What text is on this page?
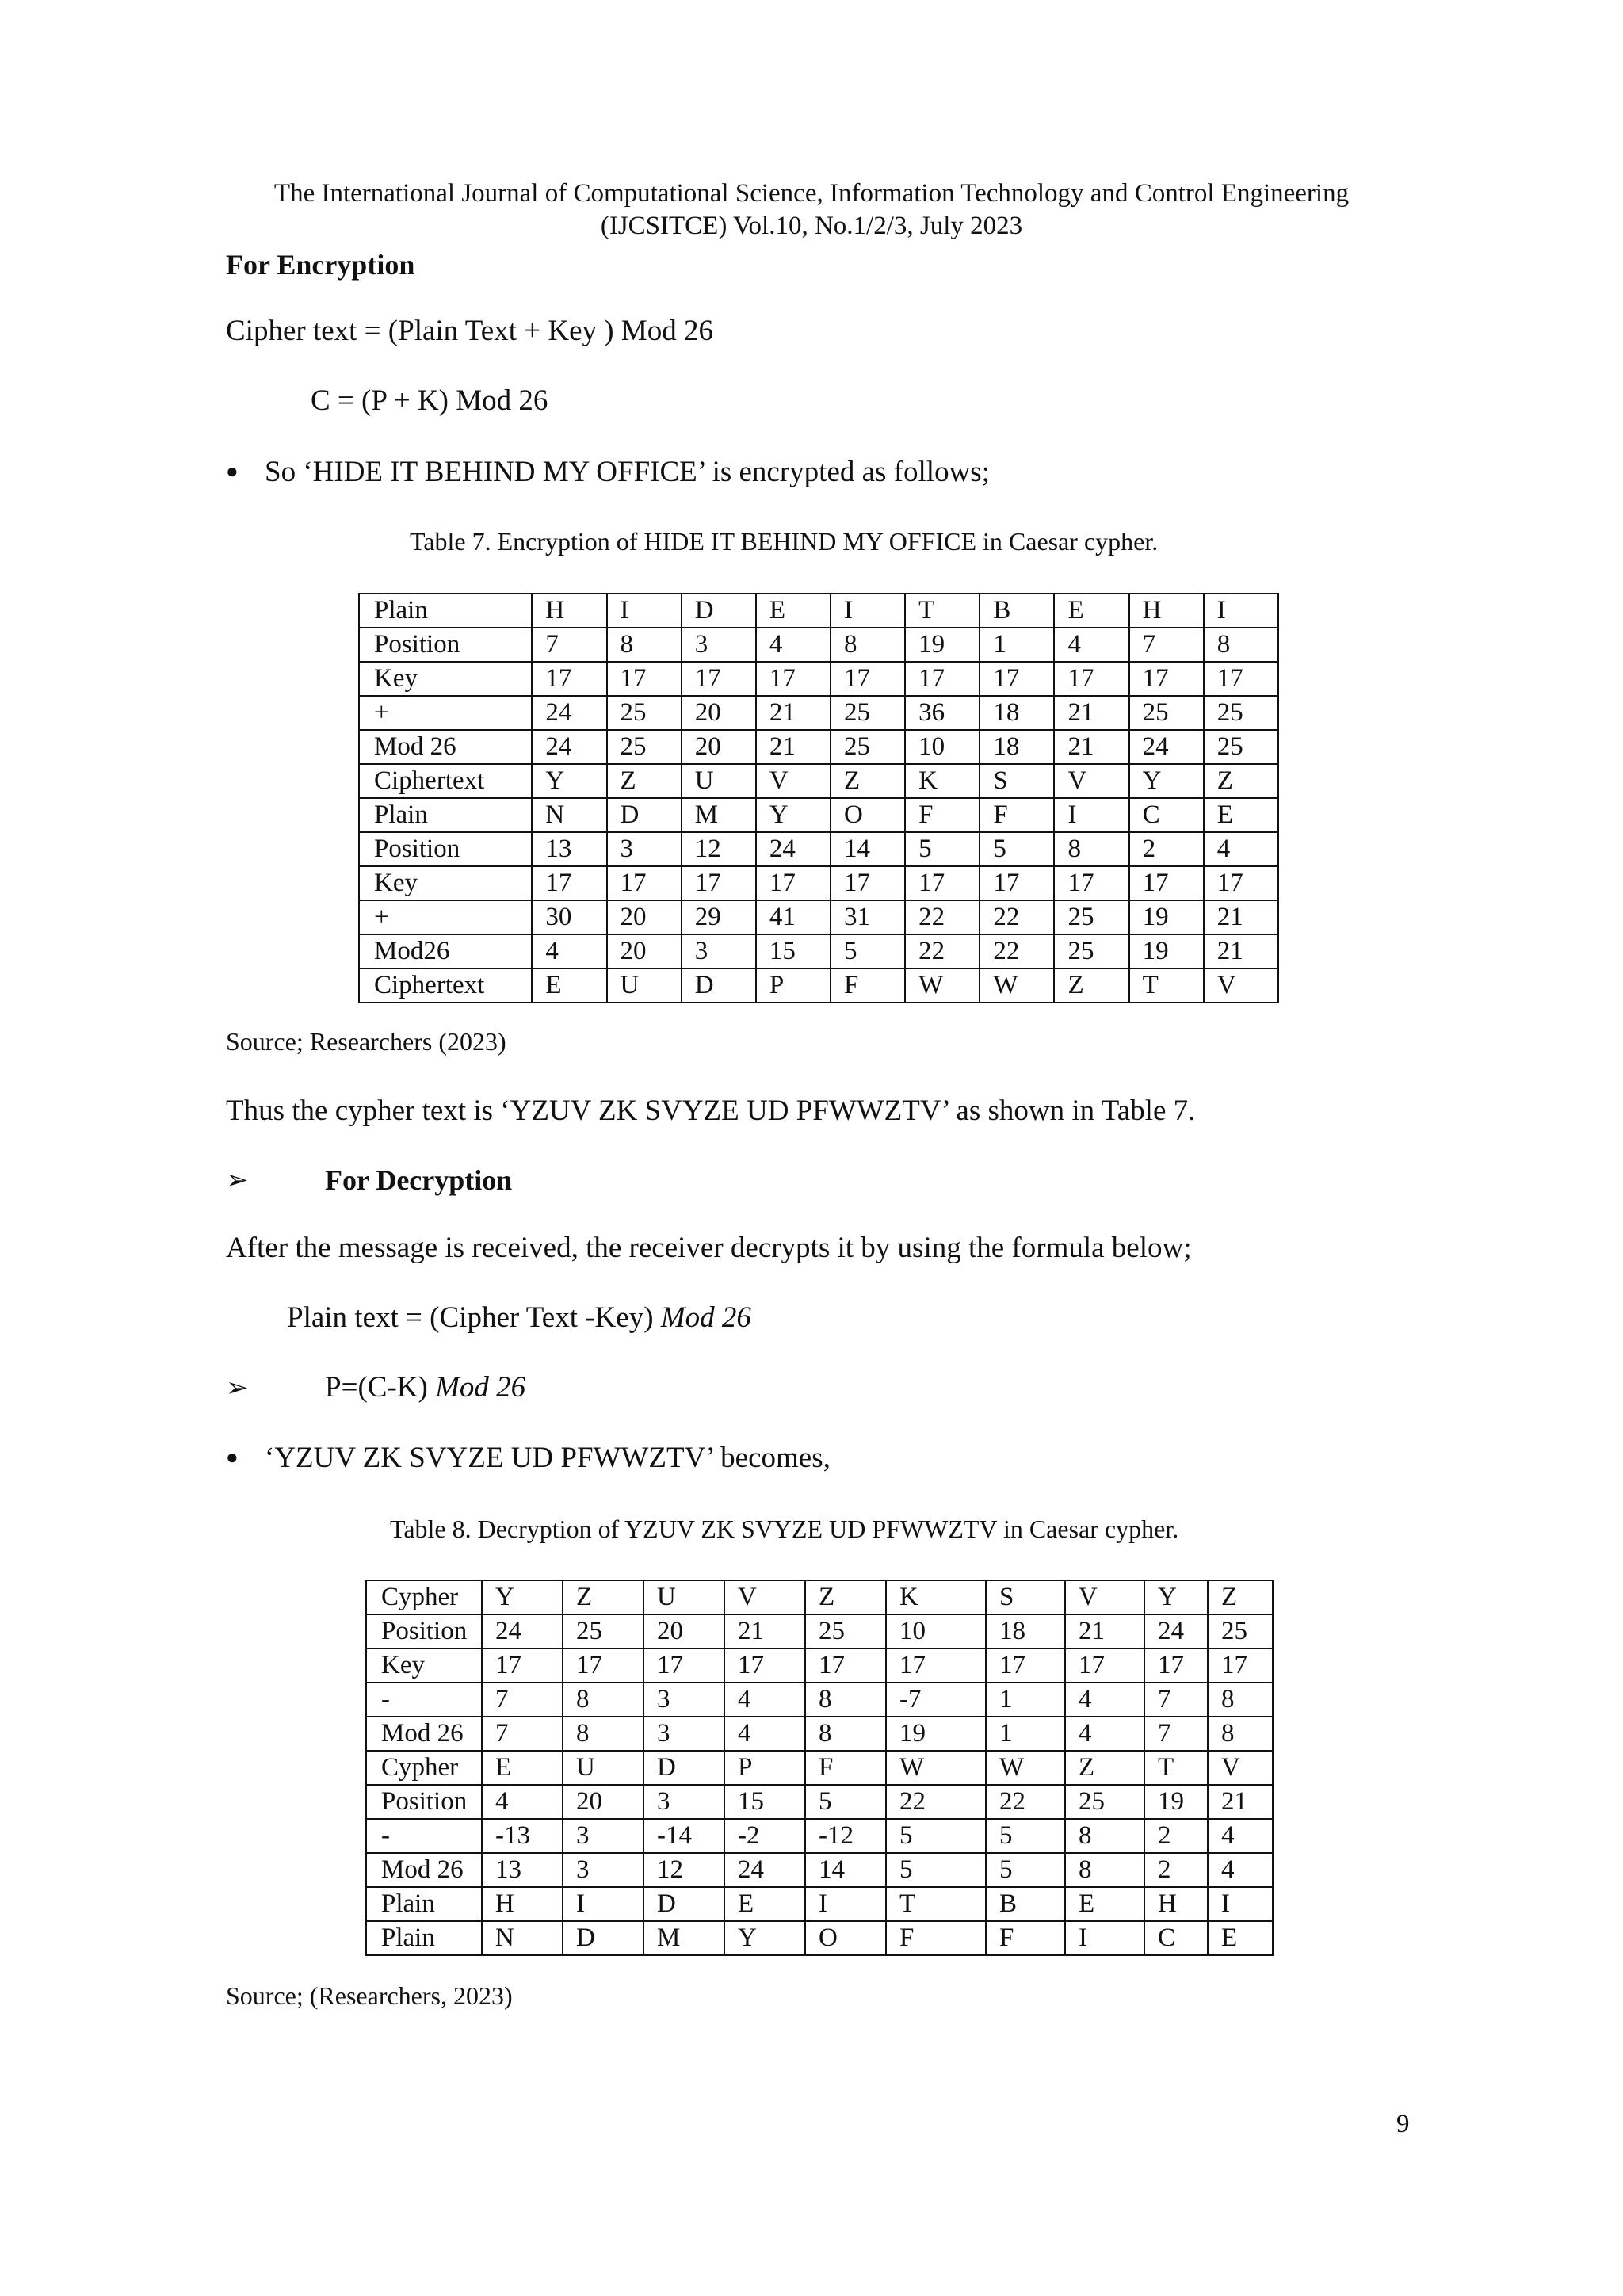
The International Journal of Computational Science, Information Technology and Control Engineering
(IJCSITCE) Vol.10, No.1/2/3, July 2023
For Encryption
Cipher text = (Plain Text + Key ) Mod 26
C = (P + K) Mod 26
● So ‘HIDE IT BEHIND MY OFFICE’ is encrypted as follows;
Table 7. Encryption of HIDE IT BEHIND MY OFFICE in Caesar cypher.
Plain	H	I	D	E	I	T	B	E	H	I
Position	7	8	3	4	8	19	1	4	7	8
Key	17	17	17	17	17	17	17	17	17	17
+	24	25	20	21	25	36	18	21	25	25
Mod 26	24	25	20	21	25	10	18	21	24	25
Ciphertext	Y	Z	U	V	Z	K	S	V	Y	Z
Plain	N	D	M	Y	O	F	F	I	C	E
Position	13	3	12	24	14	5	5	8	2	4
Key	17	17	17	17	17	17	17	17	17	17
+	30	20	29	41	31	22	22	25	19	21
Mod26	4	20	3	15	5	22	22	25	19	21
Ciphertext	E	U	D	P	F	W	W	Z	T	V
Source; Researchers (2023)
Thus the cypher text is ‘YZUV ZK SVYZE UD PFWWZTV’ as shown in Table 7.
➢	For Decryption
After the message is received, the receiver decrypts it by using the formula below;
Plain text = (Cipher Text -Key) Mod 26
➢	P=(C-K) Mod 26
● ‘YZUV ZK SVYZE UD PFWWZTV’ becomes,
Table 8. Decryption of YZUV ZK SVYZE UD PFWWZTV in Caesar cypher.
Cypher	Y	Z	U	V	Z	K	S	V	Y	Z
Position	24	25	20	21	25	10	18	21	24	25
Key	17	17	17	17	17	17	17	17	17	17
-	7	8	3	4	8	-7	1	4	7	8
Mod 26	7	8	3	4	8	19	1	4	7	8
Cypher	E	U	D	P	F	W	W	Z	T	V
Position	4	20	3	15	5	22	22	25	19	21
-	-13	3	-14	-2	-12	5	5	8	2	4
Mod 26	13	3	12	24	14	5	5	8	2	4
Plain	H	I	D	E	I	T	B	E	H	I
Plain	N	D	M	Y	O	F	F	I	C	E
Source; (Researchers, 2023)
9
